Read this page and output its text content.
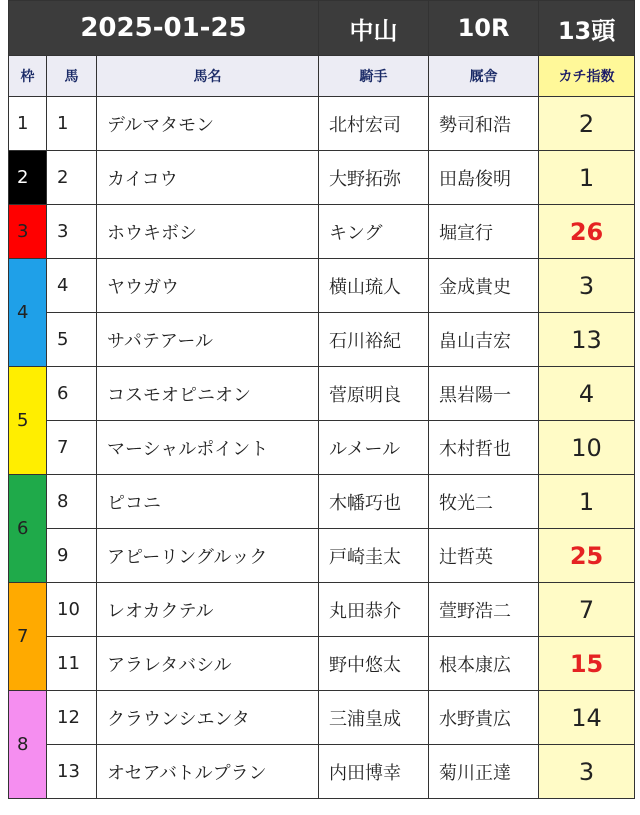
2025-01-25			中山	10R	13頭
枠	馬	馬名	騎手	厩舎	カチ指数
1	1	デルマタモン	北村宏司	勢司和浩	2
2	2	カイコウ	大野拓弥	田島俊明	1
3	3	ホウキボシ	キング	堀宣行	26
4	4	ヤウガウ	横山琉人	金成貴史	3
	5	サパテアール	石川裕紀	畠山吉宏	13
5	6	コスモオピニオン	菅原明良	黒岩陽一	4
	7	マーシャルポイント	ルメール	木村哲也	10
6	8	ピコニ	木幡巧也	牧光二	1
	9	アピーリングルック	戸崎圭太	辻哲英	25
7	10	レオカクテル	丸田恭介	萱野浩二	7
	11	アラレタバシル	野中悠太	根本康広	15
8	12	クラウンシエンタ	三浦皇成	水野貴広	14
	13	オセアバトルプラン	内田博幸	菊川正達	3
